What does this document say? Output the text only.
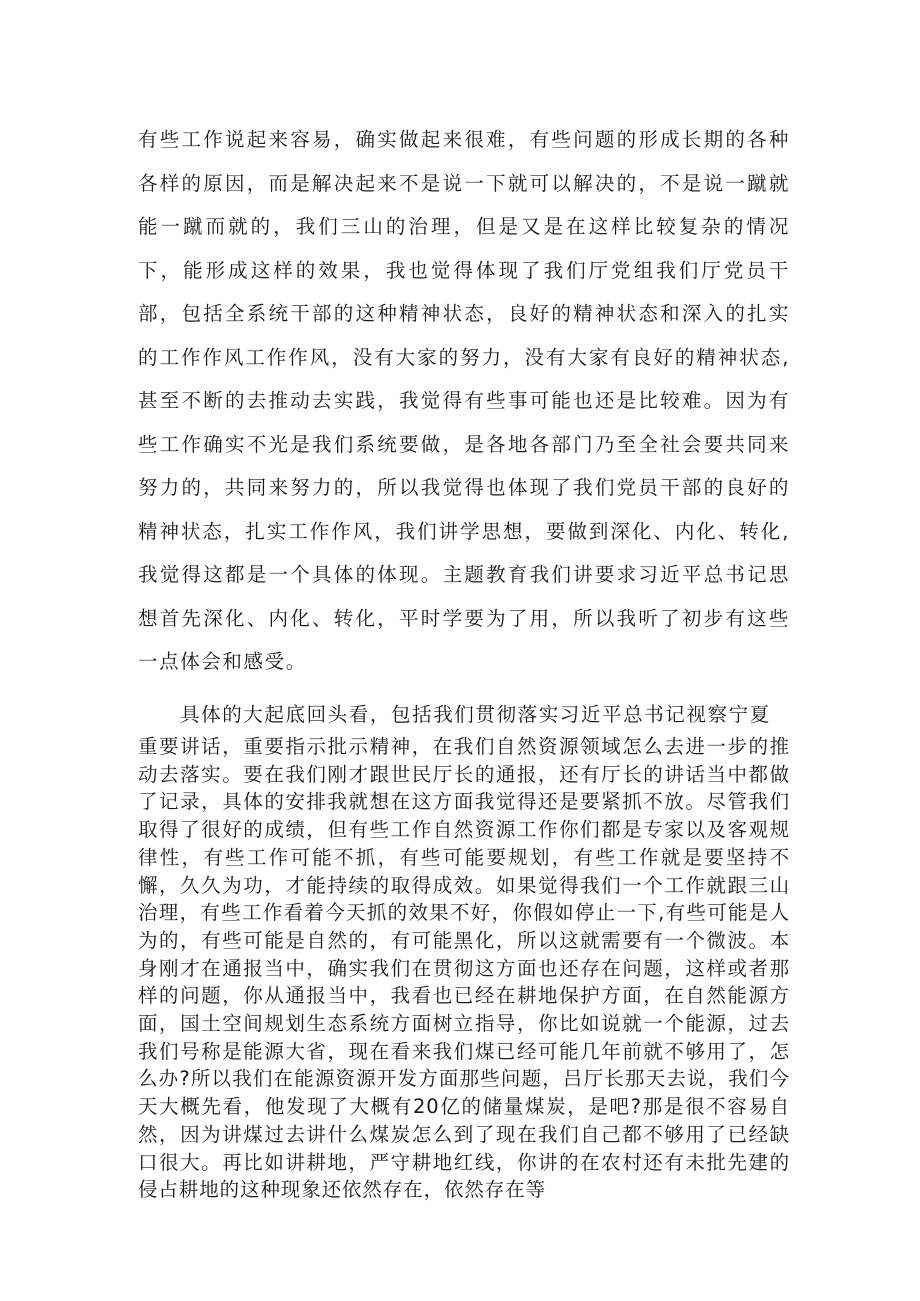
有些工作说起来容易，确实做起来很难，有些问题的形成长期的各种各样的原因，而是解决起来不是说一下就可以解决的，不是说一蹴就能一蹴而就的，我们三山的治理，但是又是在这样比较复杂的情况下，能形成这样的效果，我也觉得体现了我们厅党组我们厅党员干部，包括全系统干部的这种精神状态，良好的精神状态和深入的扎实的工作作风工作作风，没有大家的努力，没有大家有良好的精神状态,甚至不断的去推动去实践，我觉得有些事可能也还是比较难。因为有些工作确实不光是我们系统要做，是各地各部门乃至全社会要共同来努力的，共同来努力的，所以我觉得也体现了我们党员干部的良好的精神状态，扎实工作作风，我们讲学思想，要做到深化、内化、转化,我觉得这都是一个具体的体现。主题教育我们讲要求习近平总书记思想首先深化、内化、转化，平时学要为了用，所以我听了初步有这些一点体会和感受。

具体的大起底回头看，包括我们贯彻落实习近平总书记视察宁夏

重要讲话，重要指示批示精神，在我们自然资源领域怎么去进一步的推动去落实。要在我们刚才跟世民厅长的通报，还有厅长的讲话当中都做了记录，具体的安排我就想在这方面我觉得还是要紧抓不放。尽管我们取得了很好的成绩，但有些工作自然资源工作你们都是专家以及客观规律性，有些工作可能不抓，有些可能要规划，有些工作就是要坚持不懈，久久为功，才能持续的取得成效。如果觉得我们一个工作就跟三山治理，有些工作看着今天抓的效果不好，你假如停止一下,有些可能是人为的，有些可能是自然的，有可能黑化，所以这就需要有一个微波。本身刚才在通报当中，确实我们在贯彻这方面也还存在问题，这样或者那样的问题，你从通报当中，我看也已经在耕地保护方面，在自然能源方面，国土空间规划生态系统方面树立指导，你比如说就一个能源，过去我们号称是能源大省，现在看来我们煤已经可能几年前就不够用了，怎么办?所以我们在能源资源开发方面那些问题，吕厅长那天去说，我们今天大概先看，他发现了大概有20亿的储量煤炭，是吧?那是很不容易自然，因为讲煤过去讲什么煤炭怎么到了现在我们自己都不够用了已经缺口很大。再比如讲耕地，严守耕地红线，你讲的在农村还有未批先建的侵占耕地的这种现象还依然存在，依然存在等
